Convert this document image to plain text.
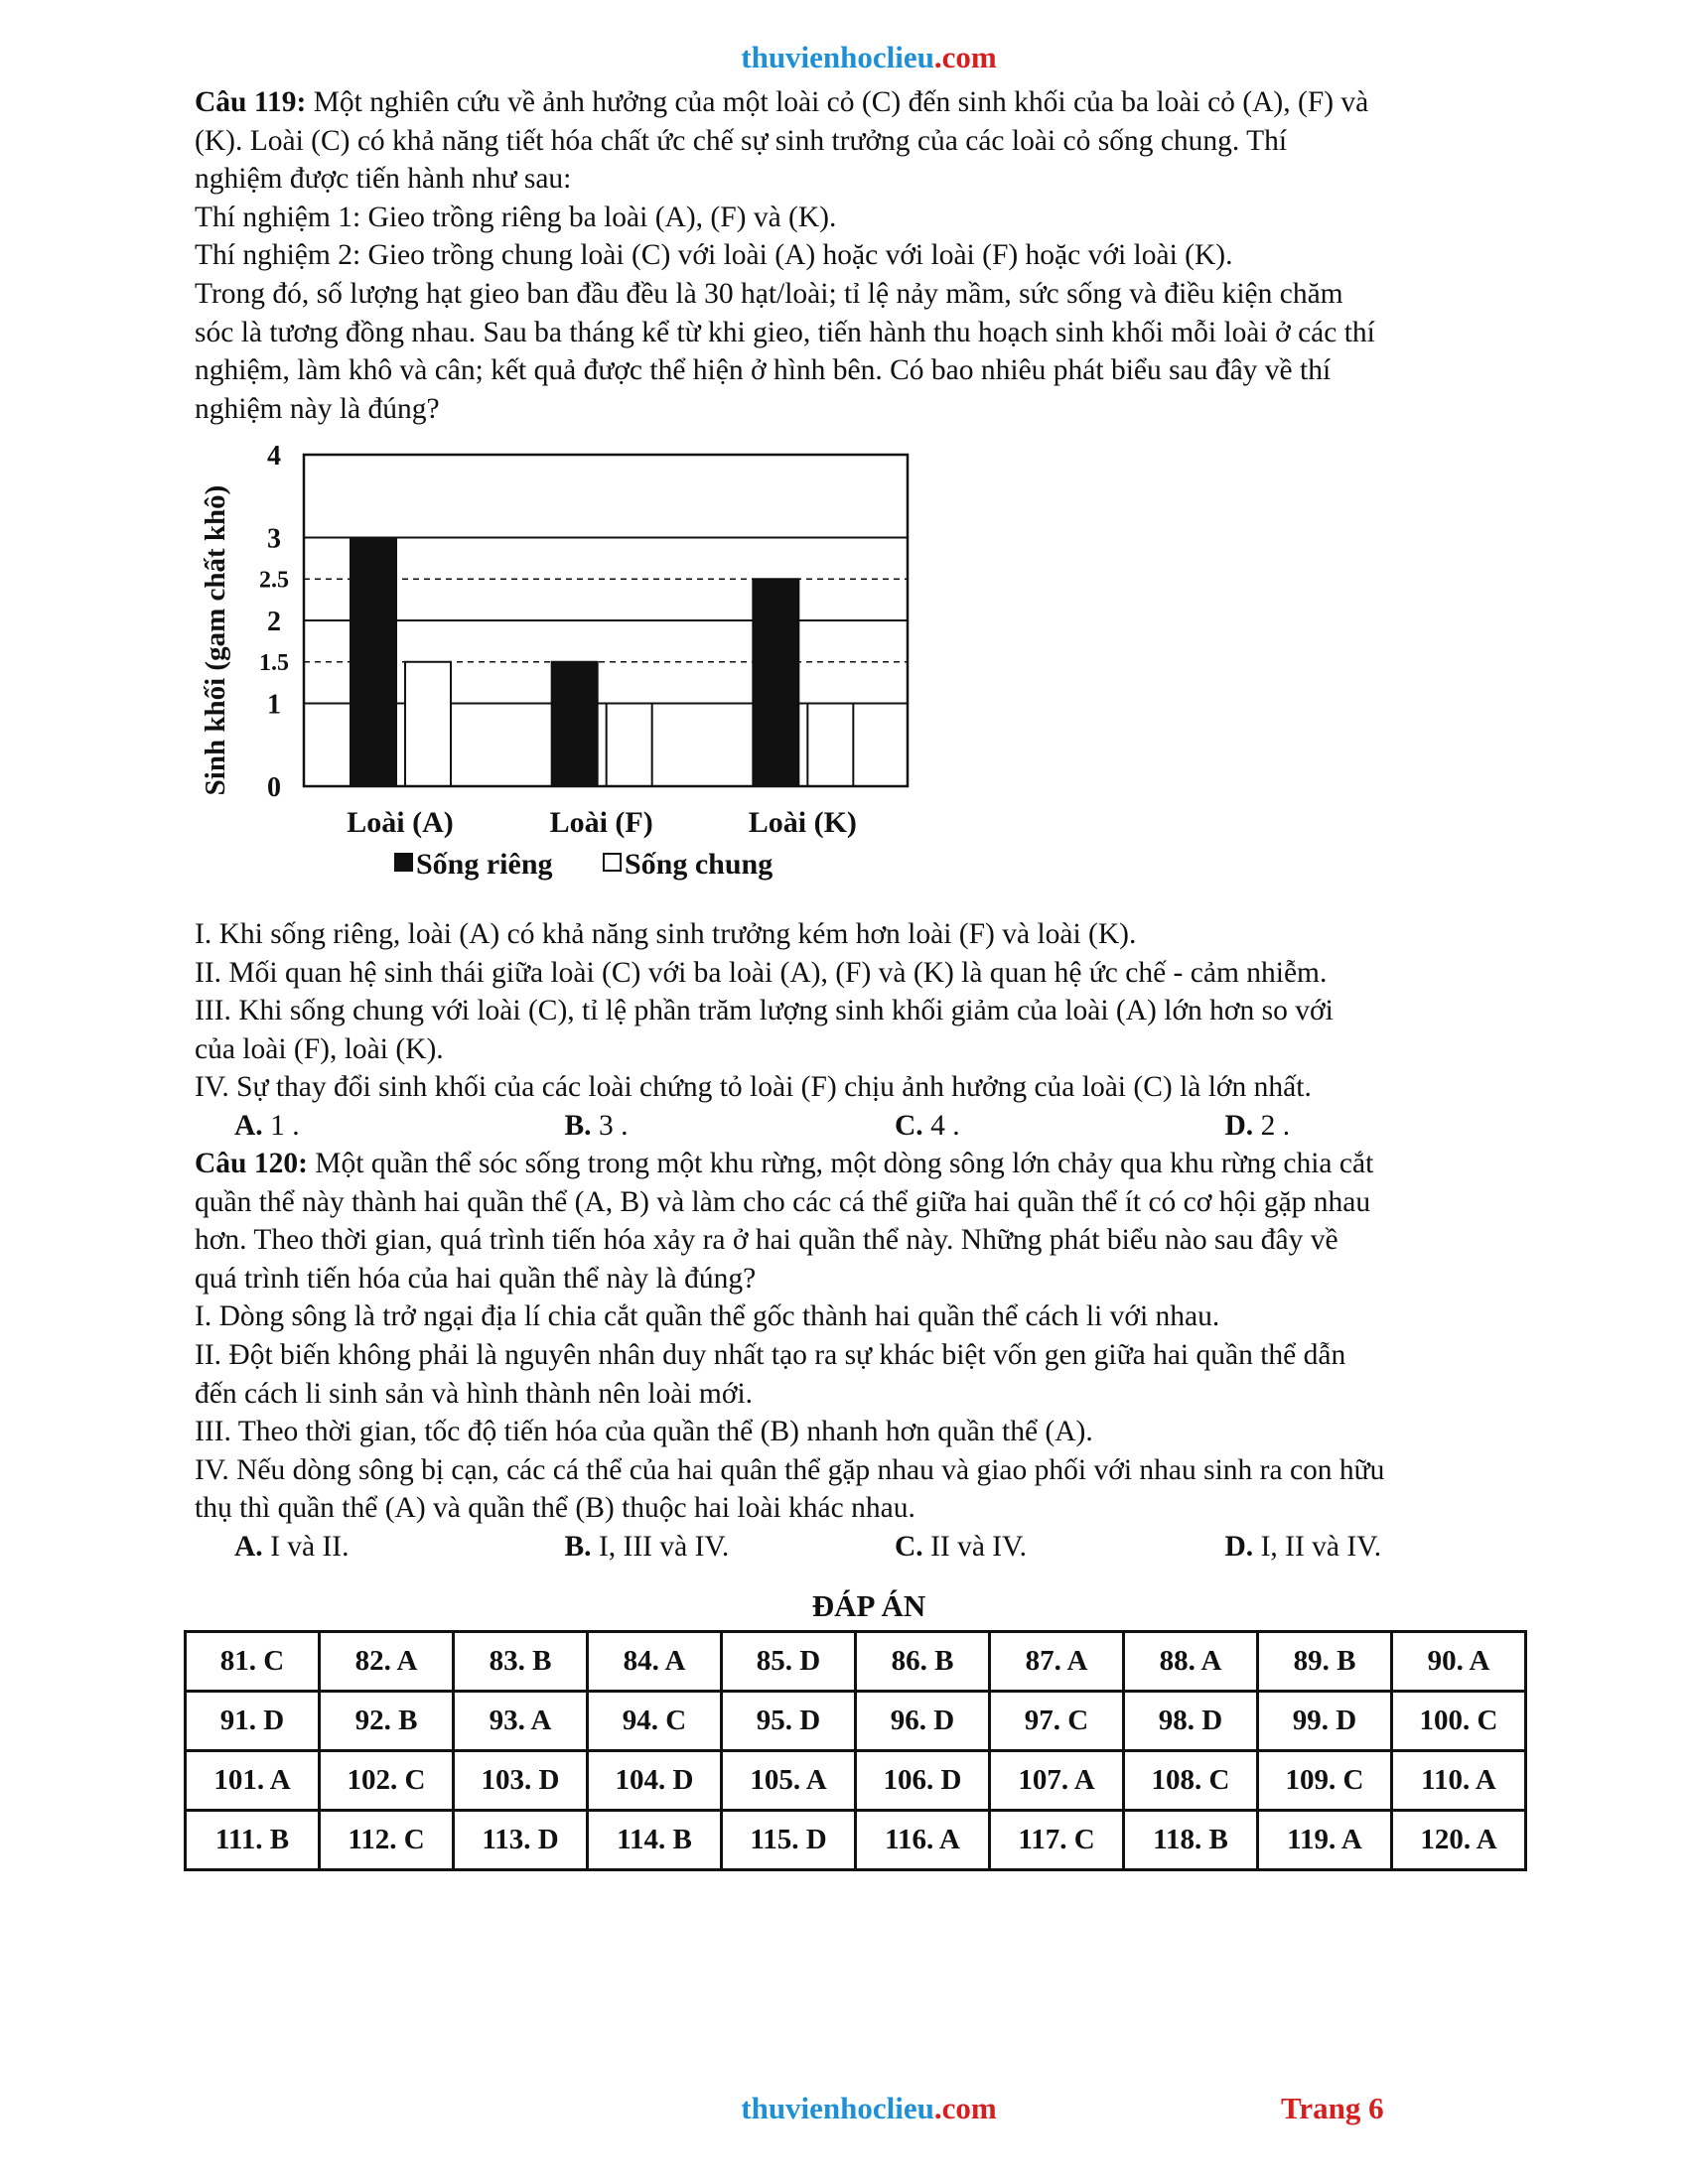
thuvienhoclieu.com

Câu 119: Một nghiên cứu về ảnh hưởng của một loài cỏ (C) đến sinh khối của ba loài cỏ (A), (F) và

(K). Loài (C) có khả năng tiết hóa chất ức chế sự sinh trưởng của các loài cỏ sống chung. Thí

nghiệm được tiến hành như sau:

Thí nghiệm 1: Gieo trồng riêng ba loài (A), (F) và (K).

Thí nghiệm 2: Gieo trồng chung loài (C) với loài (A) hoặc với loài (F) hoặc với loài (K).

Trong đó, số lượng hạt gieo ban đầu đều là 30 hạt/loài; tỉ lệ nảy mầm, sức sống và điều kiện chăm

sóc là tương đồng nhau. Sau ba tháng kể từ khi gieo, tiến hành thu hoạch sinh khối mỗi loài ở các thí

nghiệm, làm khô và cân; kết quả được thể hiện ở hình bên. Có bao nhiêu phát biểu sau đây về thí

nghiệm này là đúng?

Loài (A)	Loài (F)	Loài (K)
0
1
1.5
2
2.5
3
4
Sinh khối (gam chất khô)
Sống riêng Sống chung

I. Khi sống riêng, loài (A) có khả năng sinh trưởng kém hơn loài (F) và loài (K).

II. Mối quan hệ sinh thái giữa loài (C) với ba loài (A), (F) và (K) là quan hệ ức chế - cảm nhiễm.

III. Khi sống chung với loài (C), tỉ lệ phần trăm lượng sinh khối giảm của loài (A) lớn hơn so với

của loài (F), loài (K).

IV. Sự thay đổi sinh khối của các loài chứng tỏ loài (F) chịu ảnh hưởng của loài (C) là lớn nhất.

A. 1 .	B. 3 .	C. 4 .	D. 2 .

Câu 120: Một quần thể sóc sống trong một khu rừng, một dòng sông lớn chảy qua khu rừng chia cắt

quần thể này thành hai quần thể (A, B) và làm cho các cá thể giữa hai quần thể ít có cơ hội gặp nhau

hơn. Theo thời gian, quá trình tiến hóa xảy ra ở hai quần thể này. Những phát biểu nào sau đây về

quá trình tiến hóa của hai quần thể này là đúng?

I. Dòng sông là trở ngại địa lí chia cắt quần thể gốc thành hai quần thể cách li với nhau.

II. Đột biến không phải là nguyên nhân duy nhất tạo ra sự khác biệt vốn gen giữa hai quần thể dẫn

đến cách li sinh sản và hình thành nên loài mới.

III. Theo thời gian, tốc độ tiến hóa của quần thể (B) nhanh hơn quần thể (A).

IV. Nếu dòng sông bị cạn, các cá thể của hai quân thể gặp nhau và giao phối với nhau sinh ra con hữu

thụ thì quần thể (A) và quần thể (B) thuộc hai loài khác nhau.

A. I và II.	B. I, III và IV.	C. II và IV.	D. I, II và IV.
ĐÁP ÁN
81. C	82. A	83. B	84. A	85. D	86. B	87. A	88. A	89. B	90. A
91. D	92. B	93. A	94. C	95. D	96. D	97. C	98. D	99. D	100. C
101. A	102. C	103. D	104. D	105. A	106. D	107. A	108. C	109. C	110. A
111. B	112. C	113. D	114. B	115. D	116. A	117. C	118. B	119. A	120. A
thuvienhoclieu.com	Trang 6
